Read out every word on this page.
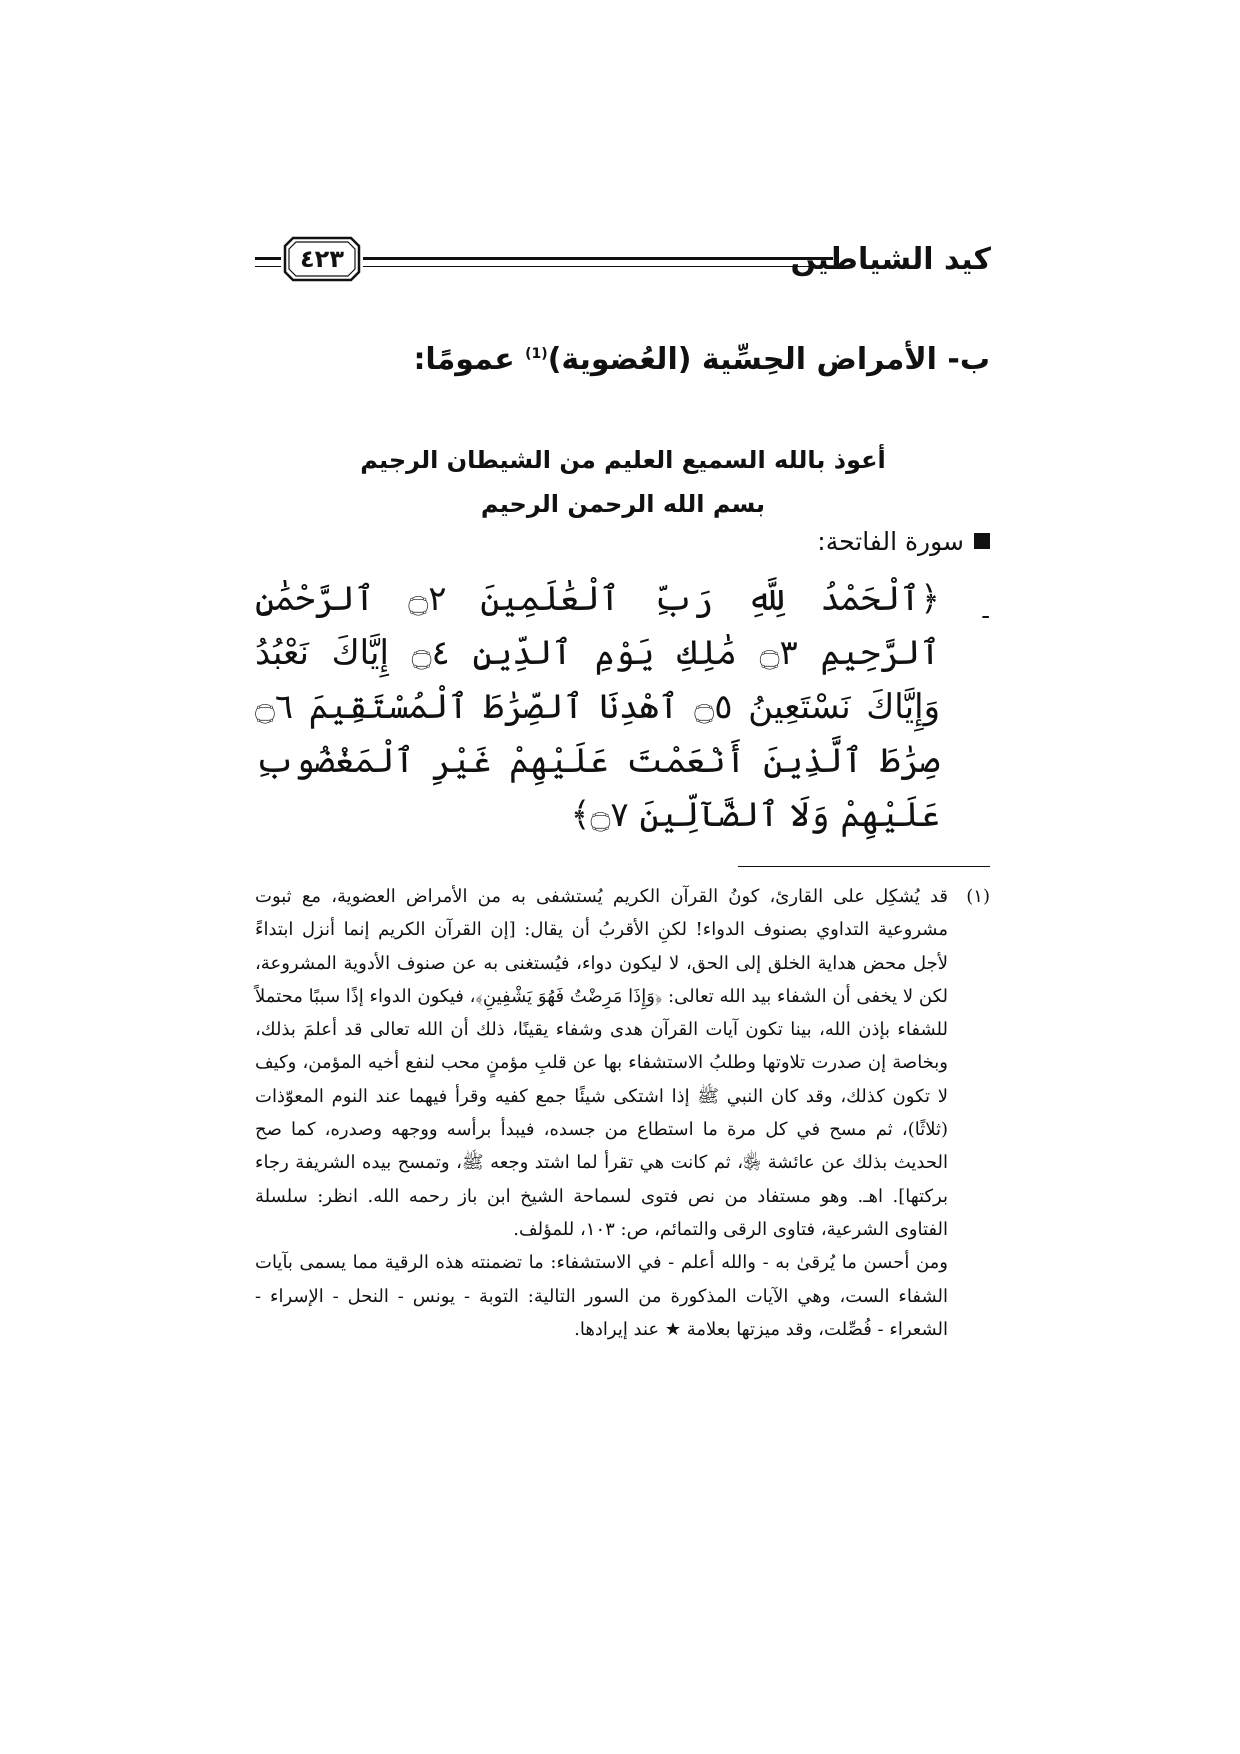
كيد الشياطين
٤٢٣
ب- الأمراض الحِسِّية (العُضوية)$^{(1)}$ عمومًا:
أعوذ بالله السميع العليم من الشيطان الرجيم
بسم الله الرحمن الرحيم
سورة الفاتحة:
-
﴿ٱلْحَمْدُ لِلَّهِ رَبِّ ٱلْعَٰلَمِينَ ۝٢ ٱلرَّحْمَٰنِ ٱلرَّحِيمِ ۝٣ مَٰلِكِ يَوْمِ ٱلدِّينِ ۝٤ إِيَّاكَ نَعْبُدُ وَإِيَّاكَ نَسْتَعِينُ ۝٥ ٱهْدِنَا ٱلصِّرَٰطَ ٱلْمُسْتَقِيمَ ۝٦ صِرَٰطَ ٱلَّذِينَ أَنْعَمْتَ عَلَيْهِمْ غَيْرِ ٱلْمَغْضُوبِ عَلَيْهِمْ وَلَا ٱلضَّآلِّينَ ۝٧﴾
(١)
قد يُشكِل على القارئ، كونُ القرآن الكريم يُستشفى به من الأمراض العضوية، مع ثبوت مشروعية التداوي بصنوف الدواء! لكنِ الأقربُ أن يقال: [إن القرآن الكريم إنما أنزل ابتداءً لأجل محض هداية الخلق إلى الحق، لا ليكون دواء، فيُستغنى به عن صنوف الأدوية المشروعة، لكن لا يخفى أن الشفاء بيد الله تعالى: ﴿وَإِذَا مَرِضْتُ فَهُوَ يَشْفِينِ﴾، فيكون الدواء إذًا سببًا محتملاً للشفاء بإذن الله، بينا تكون آيات القرآن هدى وشفاء يقينًا، ذلك أن الله تعالى قد أعلمَ بذلك، وبخاصة إن صدرت تلاوتها وطلبُ الاستشفاء بها عن قلبِ مؤمنٍ محب لنفع أخيه المؤمن، وكيف لا تكون كذلك، وقد كان النبي ﷺ إذا اشتكى شيئًا جمع كفيه وقرأ فيهما عند النوم المعوّذات (ثلاثًا)، ثم مسح في كل مرة ما استطاع من جسده، فيبدأ برأسه ووجهه وصدره، كما صح الحديث بذلك عن عائشة ﵂، ثم كانت هي تقرأ لما اشتد وجعه ﷺ، وتمسح بيده الشريفة رجاء بركتها]. اهـ. وهو مستفاد من نص فتوى لسماحة الشيخ ابن باز رحمه الله. انظر: سلسلة الفتاوى الشرعية، فتاوى الرقى والتمائم، ص: ١٠٣، للمؤلف.
ومن أحسن ما يُرقىٰ به - والله أعلم - في الاستشفاء: ما تضمنته هذه الرقية مما يسمى بآيات الشفاء الست، وهي الآيات المذكورة من السور التالية: التوبة - يونس - النحل - الإسراء - الشعراء - فُصِّلت، وقد ميزتها بعلامة ★ عند إيرادها.
